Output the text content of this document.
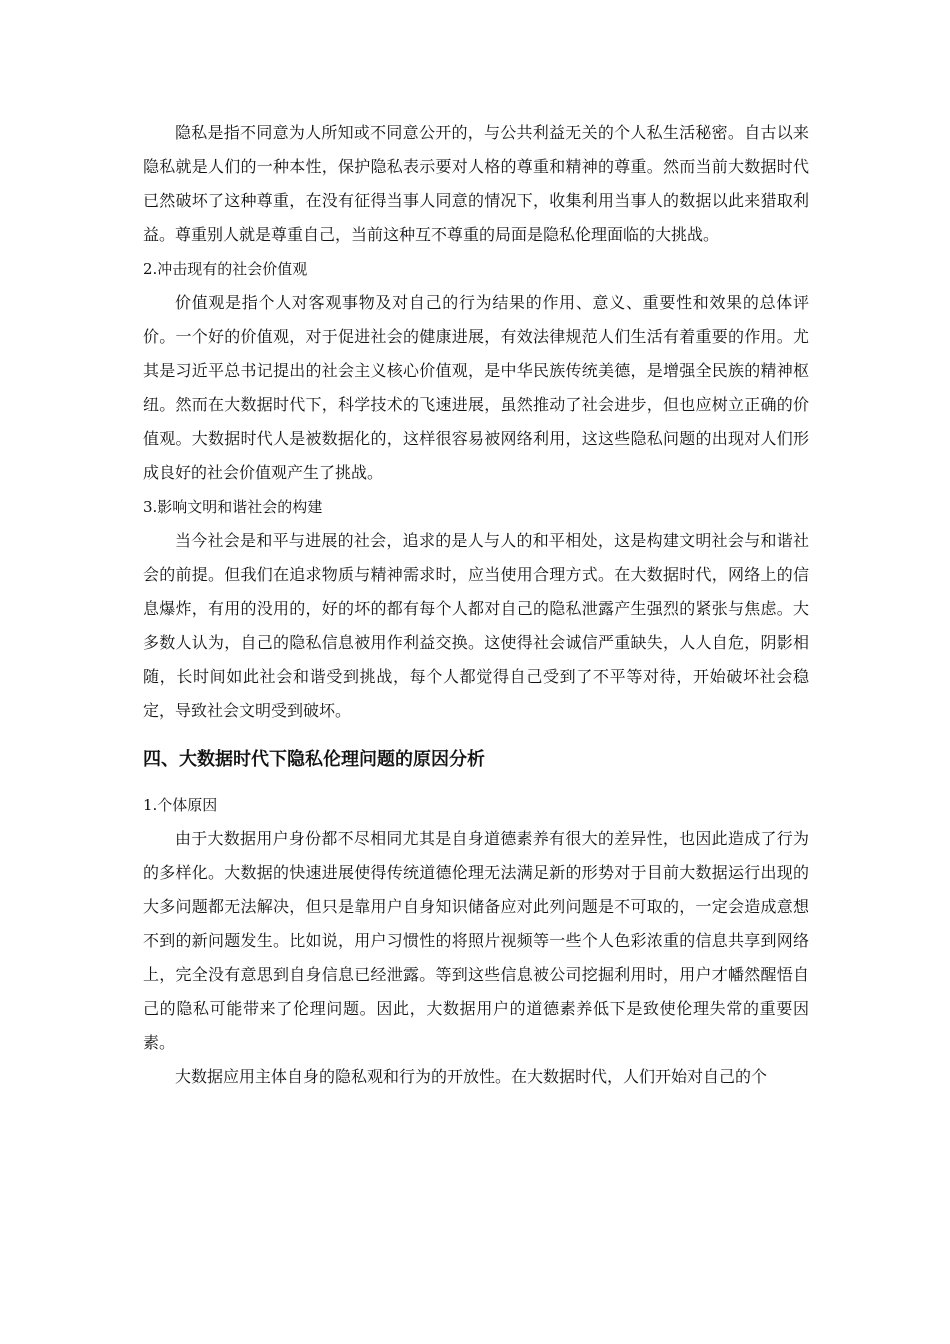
隐私是指不同意为人所知或不同意公开的，与公共利益无关的个人私生活秘密。自古以来隐私就是人们的一种本性，保护隐私表示要对人格的尊重和精神的尊重。然而当前大数据时代已然破坏了这种尊重，在没有征得当事人同意的情况下，收集利用当事人的数据以此来猎取利益。尊重别人就是尊重自己，当前这种互不尊重的局面是隐私伦理面临的大挑战。

2.冲击现有的社会价值观

价值观是指个人对客观事物及对自己的行为结果的作用、意义、重要性和效果的总体评价。一个好的价值观，对于促进社会的健康进展，有效法律规范人们生活有着重要的作用。尤其是习近平总书记提出的社会主义核心价值观，是中华民族传统美德，是增强全民族的精神枢纽。然而在大数据时代下，科学技术的飞速进展，虽然推动了社会进步，但也应树立正确的价值观。大数据时代人是被数据化的，这样很容易被网络利用，这这些隐私问题的出现对人们形成良好的社会价值观产生了挑战。

3.影响文明和谐社会的构建

当今社会是和平与进展的社会，追求的是人与人的和平相处，这是构建文明社会与和谐社会的前提。但我们在追求物质与精神需求时，应当使用合理方式。在大数据时代，网络上的信息爆炸，有用的没用的，好的坏的都有每个人都对自己的隐私泄露产生强烈的紧张与焦虑。大多数人认为，自己的隐私信息被用作利益交换。这使得社会诚信严重缺失，人人自危，阴影相随，长时间如此社会和谐受到挑战，每个人都觉得自己受到了不平等对待，开始破坏社会稳定，导致社会文明受到破坏。

四、大数据时代下隐私伦理问题的原因分析

1.个体原因

由于大数据用户身份都不尽相同尤其是自身道德素养有很大的差异性，也因此造成了行为的多样化。大数据的快速进展使得传统道德伦理无法满足新的形势对于目前大数据运行出现的大多问题都无法解决，但只是靠用户自身知识储备应对此列问题是不可取的，一定会造成意想不到的新问题发生。比如说，用户习惯性的将照片视频等一些个人色彩浓重的信息共享到网络上，完全没有意思到自身信息已经泄露。等到这些信息被公司挖掘利用时，用户才幡然醒悟自己的隐私可能带来了伦理问题。因此，大数据用户的道德素养低下是致使伦理失常的重要因素。

大数据应用主体自身的隐私观和行为的开放性。在大数据时代，人们开始对自己的个
